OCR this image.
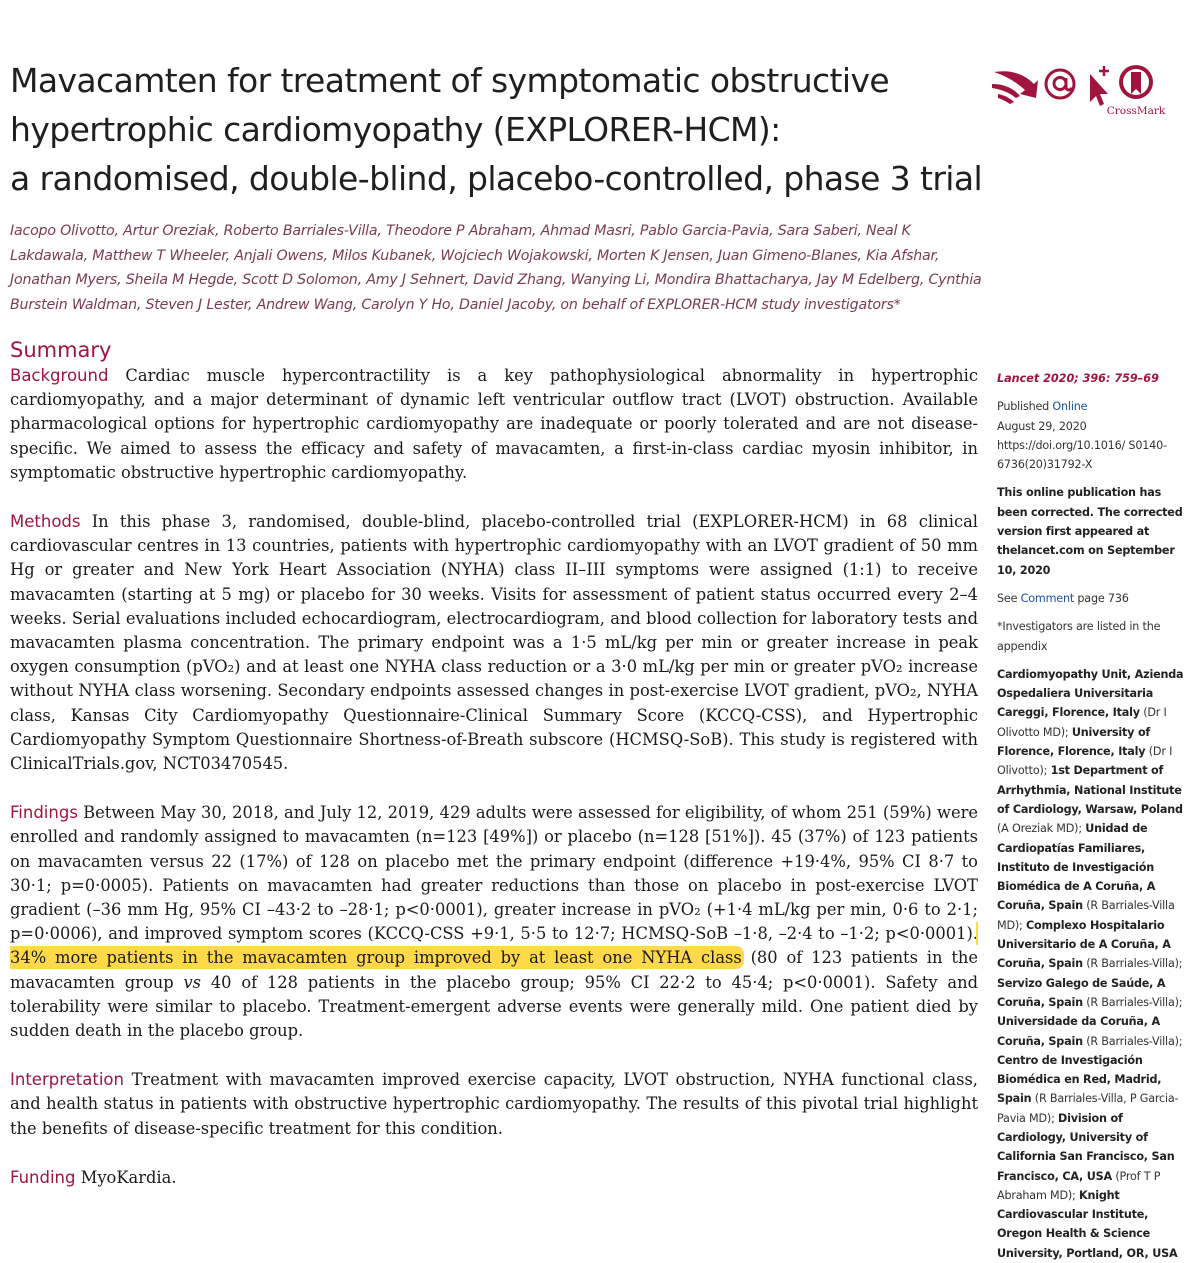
Mavacamten for treatment of symptomatic obstructive
hypertrophic cardiomyopathy (EXPLORER-HCM):
a randomised, double-blind, placebo-controlled, phase 3 trial
CrossMark

Iacopo Olivotto, Artur Oreziak, Roberto Barriales-Villa, Theodore P Abraham, Ahmad Masri, Pablo Garcia-Pavia, Sara Saberi, Neal K Lakdawala, Matthew T Wheeler, Anjali Owens, Milos Kubanek, Wojciech Wojakowski, Morten K Jensen, Juan Gimeno-Blanes, Kia Afshar, Jonathan Myers, Sheila M Hegde, Scott D Solomon, Amy J Sehnert, David Zhang, Wanying Li, Mondira Bhattacharya, Jay M Edelberg, Cynthia Burstein Waldman, Steven J Lester, Andrew Wang, Carolyn Y Ho, Daniel Jacoby, on behalf of EXPLORER-HCM study investigators*

Summary

Background Cardiac muscle hypercontractility is a key pathophysiological abnormality in hypertrophic cardiomyopathy, and a major determinant of dynamic left ventricular outflow tract (LVOT) obstruction. Available pharmacological options for hypertrophic cardiomyopathy are inadequate or poorly tolerated and are not disease-specific. We aimed to assess the efficacy and safety of mavacamten, a first-in-class cardiac myosin inhibitor, in symptomatic obstructive hypertrophic cardiomyopathy.

Methods In this phase 3, randomised, double-blind, placebo-controlled trial (EXPLORER-HCM) in 68 clinical cardiovascular centres in 13 countries, patients with hypertrophic cardiomyopathy with an LVOT gradient of 50 mm Hg or greater and New York Heart Association (NYHA) class II–III symptoms were assigned (1:1) to receive mavacamten (starting at 5 mg) or placebo for 30 weeks. Visits for assessment of patient status occurred every 2–4 weeks. Serial evaluations included echocardiogram, electrocardiogram, and blood collection for laboratory tests and mavacamten plasma concentration. The primary endpoint was a 1·5 mL/kg per min or greater increase in peak oxygen consumption (pVO₂) and at least one NYHA class reduction or a 3·0 mL/kg per min or greater pVO₂ increase without NYHA class worsening. Secondary endpoints assessed changes in post-exercise LVOT gradient, pVO₂, NYHA class, Kansas City Cardiomyopathy Questionnaire-Clinical Summary Score (KCCQ-CSS), and Hypertrophic Cardiomyopathy Symptom Questionnaire Shortness-of-Breath subscore (HCMSQ-SoB). This study is registered with ClinicalTrials.gov, NCT03470545.

Findings Between May 30, 2018, and July 12, 2019, 429 adults were assessed for eligibility, of whom 251 (59%) were enrolled and randomly assigned to mavacamten (n=123 [49%]) or placebo (n=128 [51%]). 45 (37%) of 123 patients on mavacamten versus 22 (17%) of 128 on placebo met the primary endpoint (difference +19·4%, 95% CI 8·7 to 30·1; p=0·0005). Patients on mavacamten had greater reductions than those on placebo in post-exercise LVOT gradient (–36 mm Hg, 95% CI –43·2 to –28·1; p<0·0001), greater increase in pVO₂ (+1·4 mL/kg per min, 0·6 to 2·1; p=0·0006), and improved symptom scores (KCCQ-CSS +9·1, 5·5 to 12·7; HCMSQ-SoB –1·8, –2·4 to –1·2; p<0·0001). 34% more patients in the mavacamten group improved by at least one NYHA class (80 of 123 patients in the mavacamten group vs 40 of 128 patients in the placebo group; 95% CI 22·2 to 45·4; p<0·0001). Safety and tolerability were similar to placebo. Treatment-emergent adverse events were generally mild. One patient died by sudden death in the placebo group.

Interpretation Treatment with mavacamten improved exercise capacity, LVOT obstruction, NYHA functional class, and health status in patients with obstructive hypertrophic cardiomyopathy. The results of this pivotal trial highlight the benefits of disease-specific treatment for this condition.

Funding MyoKardia.

Lancet 2020; 396: 759–69

Published Online

August 29, 2020

https://doi.org/10.1016/ S0140-6736(20)31792-X

This online publication has been corrected. The corrected version first appeared at thelancet.com on September 10, 2020

See Comment page 736

*Investigators are listed in the appendix

Cardiomyopathy Unit, Azienda Ospedaliera Universitaria Careggi, Florence, Italy (Dr I Olivotto MD); University of Florence, Florence, Italy (Dr I Olivotto); 1st Department of Arrhythmia, National Institute of Cardiology, Warsaw, Poland (A Oreziak MD); Unidad de Cardiopatías Familiares, Instituto de Investigación Biomédica de A Coruña, A Coruña, Spain (R Barriales-Villa MD); Complexo Hospitalario Universitario de A Coruña, A Coruña, Spain (R Barriales-Villa); Servizo Galego de Saúde, A Coruña, Spain (R Barriales-Villa); Universidade da Coruña, A Coruña, Spain (R Barriales-Villa); Centro de Investigación Biomédica en Red, Madrid, Spain (R Barriales-Villa, P Garcia-Pavia MD); Division of Cardiology, University of California San Francisco, San Francisco, CA, USA (Prof T P Abraham MD); Knight Cardiovascular Institute, Oregon Health & Science University, Portland, OR, USA
